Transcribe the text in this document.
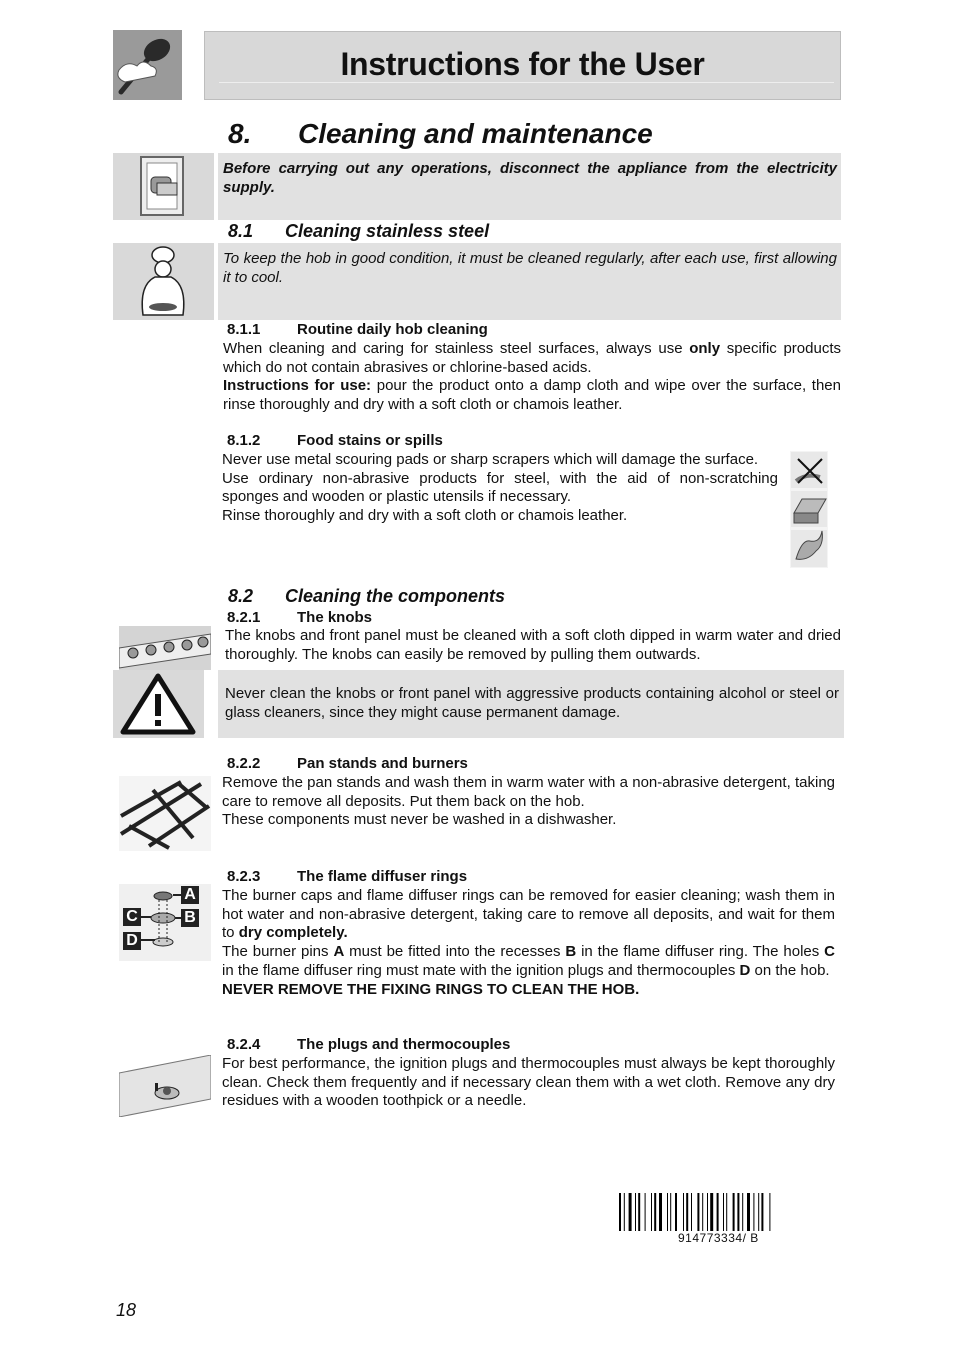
Instructions for the User
8. Cleaning and maintenance
Before carrying out any operations, disconnect the appliance from the electricity supply.
8.1 Cleaning stainless steel
To keep the hob in good condition, it must be cleaned regularly, after each use, first allowing it to cool.
8.1.1 Routine daily hob cleaning

When cleaning and caring for stainless steel surfaces, always use only specific products which do not contain abrasives or chlorine-based acids.

Instructions for use: pour the product onto a damp cloth and wipe over the surface, then rinse thoroughly and dry with a soft cloth or chamois leather.

8.1.2 Food stains or spills

Never use metal scouring pads or sharp scrapers which will damage the surface.

Use ordinary non-abrasive products for steel, with the aid of non-scratching sponges and wooden or plastic utensils if necessary.

Rinse thoroughly and dry with a soft cloth or chamois leather.

8.2 Cleaning the components
8.2.1 The knobs
The knobs and front panel must be cleaned with a soft cloth dipped in warm water and dried thoroughly. The knobs can easily be removed by pulling them outwards.
Never clean the knobs or front panel with aggressive products containing alcohol or steel or glass cleaners, since they might cause permanent damage.
8.2.2 Pan stands and burners

Remove the pan stands and wash them in warm water with a non-abrasive detergent, taking care to remove all deposits. Put them back on the hob.

These components must never be washed in a dishwasher.

8.2.3 The flame diffuser rings
A
B
C
D

The burner caps and flame diffuser rings can be removed for easier cleaning; wash them in hot water and non-abrasive detergent, taking care to remove all deposits, and wait for them to dry completely.

The burner pins A must be fitted into the recesses B in the flame diffuser ring. The holes C in the flame diffuser ring must mate with the ignition plugs and thermocouples D on the hob.

NEVER REMOVE THE FIXING RINGS TO CLEAN THE HOB.

8.2.4 The plugs and thermocouples
For best performance, the ignition plugs and thermocouples must always be kept thoroughly clean. Check them frequently and if necessary clean them with a wet cloth. Remove any dry residues with a wooden toothpick or a needle.
914773334/ B
18
